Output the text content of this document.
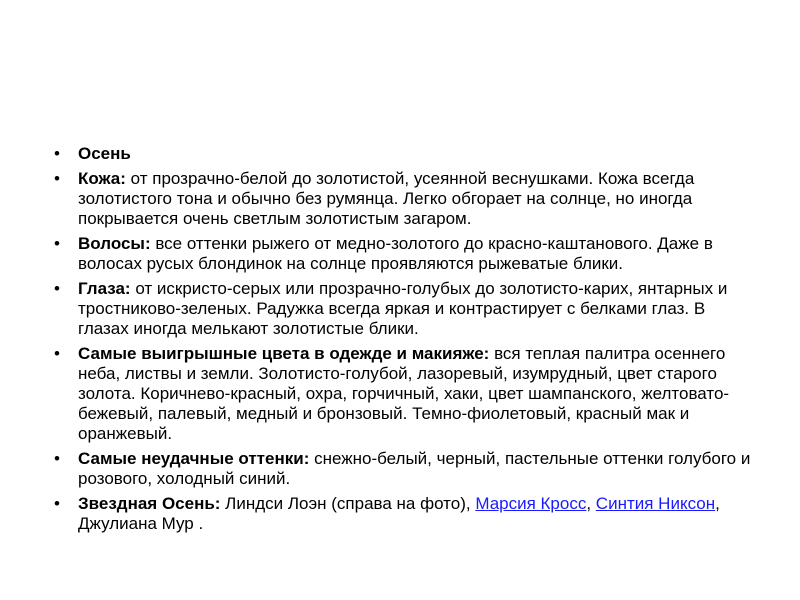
• Осень
• Кожа: от прозрачно-белой до золотистой, усеянной веснушками. Кожа всегда золотистого тона и обычно без румянца. Легко обгорает на солнце, но иногда покрывается очень светлым золотистым загаром.
• Волосы: все оттенки рыжего от медно-золотого до красно-каштанового. Даже в волосах русых блондинок на солнце проявляются рыжеватые блики.
• Глаза: от искристо-серых или прозрачно-голубых до золотисто-карих, янтарных и тростниково-зеленых. Радужка всегда яркая и контрастирует с белками глаз. В глазах иногда мелькают золотистые блики.
• Самые выигрышные цвета в одежде и макияже: вся теплая палитра осеннего неба, листвы и земли. Золотисто-голубой, лазоревый, изумрудный, цвет старого золота. Коричнево-красный, охра, горчичный, хаки, цвет шампанского, желтовато-бежевый, палевый, медный и бронзовый. Темно-фиолетовый, красный мак и оранжевый.
• Самые неудачные оттенки: снежно-белый, черный, пастельные оттенки голубого и розового, холодный синий.
• Звездная Осень: Линдси Лоэн (справа на фото), Марсия Кросс, Синтия Никсон, Джулиана Мур .
